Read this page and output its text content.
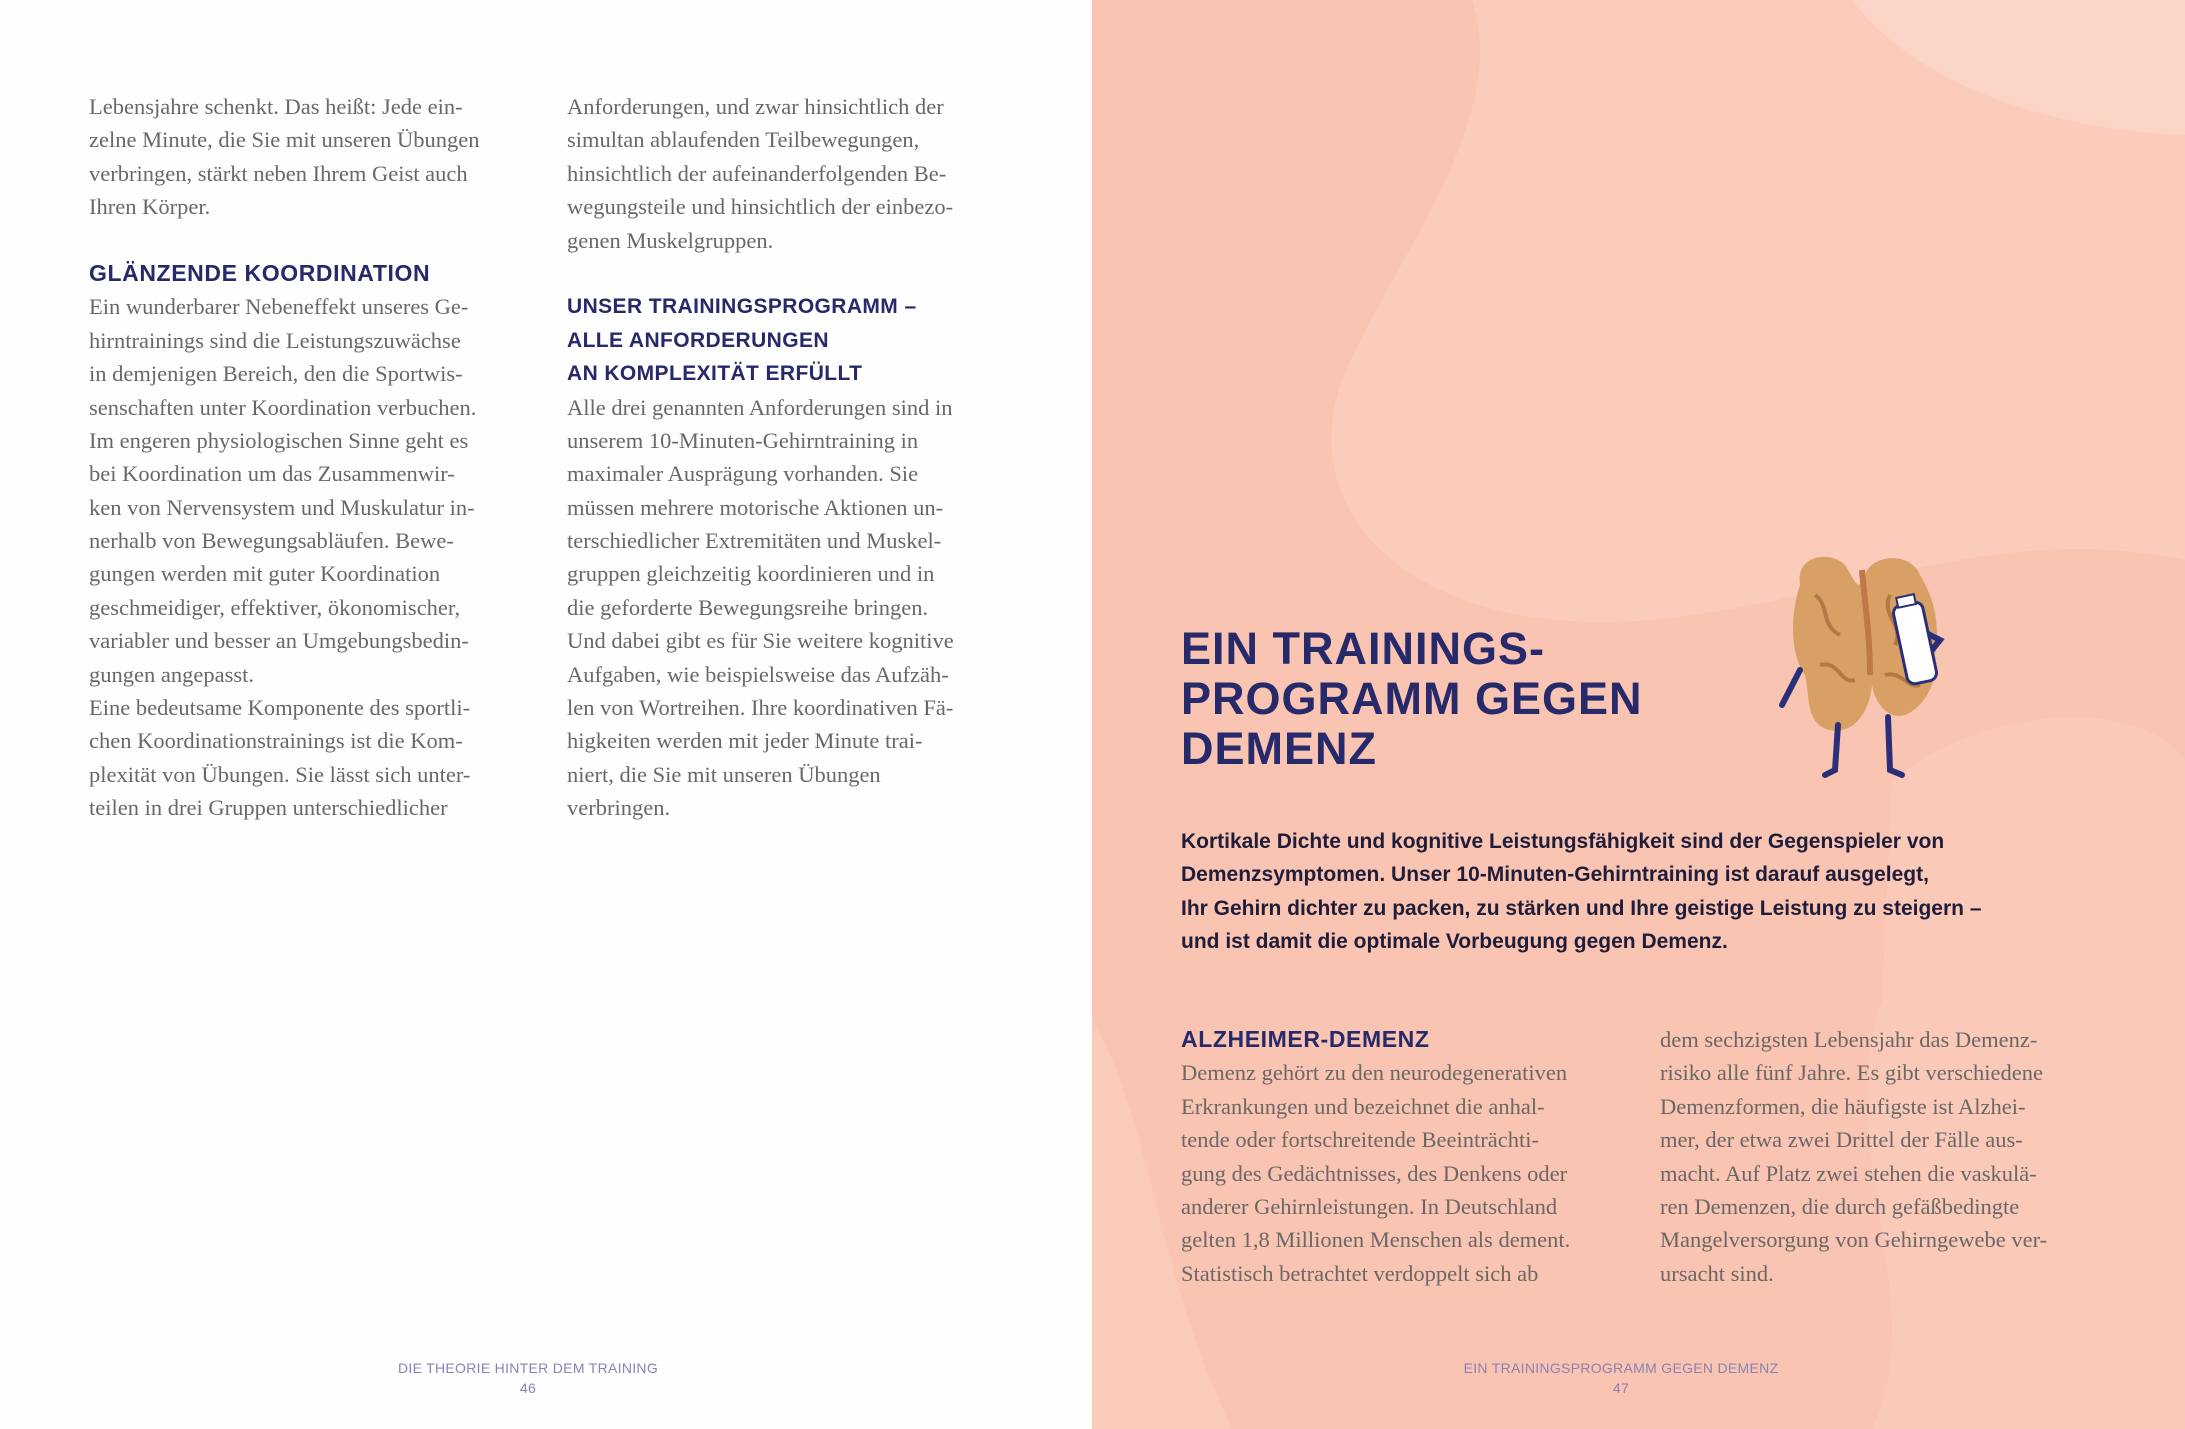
Lebensjahre schenkt. Das heißt: Jede ein-
zelne Minute, die Sie mit unseren Übungen
verbringen, stärkt neben Ihrem Geist auch
Ihren Körper.
GLÄNZENDE KOORDINATION
Ein wunderbarer Nebeneffekt unseres Ge-
hirntrainings sind die Leistungszuwächse
in demjenigen Bereich, den die Sportwis-
senschaften unter Koordination verbuchen.
Im engeren physiologischen Sinne geht es
bei Koordination um das Zusammenwir-
ken von Nervensystem und Muskulatur in-
nerhalb von Bewegungsabläufen. Bewe-
gungen werden mit guter Koordination
geschmeidiger, effektiver, ökonomischer,
variabler und besser an Umgebungsbedin-
gungen angepasst.
Eine bedeutsame Komponente des sportli-
chen Koordinationstrainings ist die Kom-
plexität von Übungen. Sie lässt sich unter-
teilen in drei Gruppen unterschiedlicher
Anforderungen, und zwar hinsichtlich der
simultan ablaufenden Teilbewegungen,
hinsichtlich der aufeinanderfolgenden Be-
wegungsteile und hinsichtlich der einbezo-
genen Muskelgruppen.
UNSER TRAININGSPROGRAMM –
ALLE ANFORDERUNGEN
AN KOMPLEXITÄT ERFÜLLT
Alle drei genannten Anforderungen sind in
unserem 10-Minuten-Gehirntraining in
maximaler Ausprägung vorhanden. Sie
müssen mehrere motorische Aktionen un-
terschiedlicher Extremitäten und Muskel-
gruppen gleichzeitig koordinieren und in
die geforderte Bewegungsreihe bringen.
Und dabei gibt es für Sie weitere kognitive
Aufgaben, wie beispielsweise das Aufzäh-
len von Wortreihen. Ihre koordinativen Fä-
higkeiten werden mit jeder Minute trai-
niert, die Sie mit unseren Übungen
verbringen.
DIE THEORIE HINTER DEM TRAINING
46
EIN TRAININGS-
PROGRAMM GEGEN
DEMENZ
Kortikale Dichte und kognitive Leistungsfähigkeit sind der Gegenspieler von
Demenzsymptomen. Unser 10-Minuten-Gehirntraining ist darauf ausgelegt,
Ihr Gehirn dichter zu packen, zu stärken und Ihre geistige Leistung zu steigern –
und ist damit die optimale Vorbeugung gegen Demenz.
ALZHEIMER-DEMENZ
Demenz gehört zu den neurodegenerativen
Erkrankungen und bezeichnet die anhal-
tende oder fortschreitende Beeinträchti-
gung des Gedächtnisses, des Denkens oder
anderer Gehirnleistungen. In Deutschland
gelten 1,8 Millionen Menschen als dement.
Statistisch betrachtet verdoppelt sich ab
dem sechzigsten Lebensjahr das Demenz-
risiko alle fünf Jahre. Es gibt verschiedene
Demenzformen, die häufigste ist Alzhei-
mer, der etwa zwei Drittel der Fälle aus-
macht. Auf Platz zwei stehen die vaskulä-
ren Demenzen, die durch gefäßbedingte
Mangelversorgung von Gehirngewebe ver-
ursacht sind.
EIN TRAININGSPROGRAMM GEGEN DEMENZ
47
